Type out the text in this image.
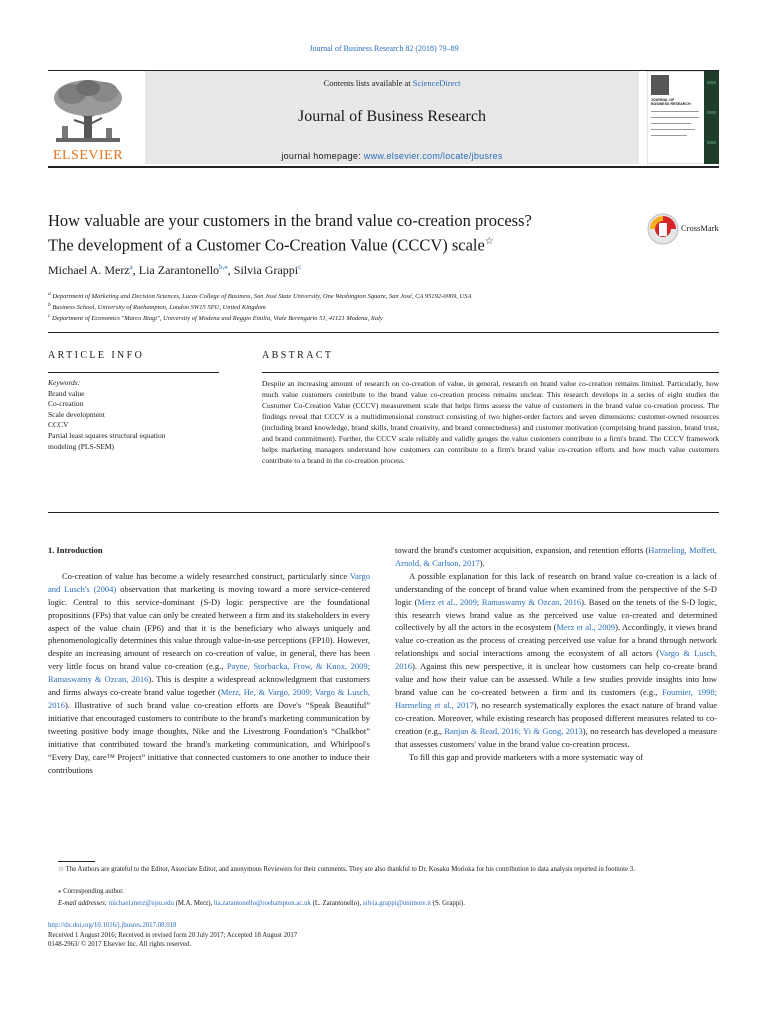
Journal of Business Research 82 (2018) 79–89
ELSEVIER
Contents lists available at ScienceDirect
Journal of Business Research
journal homepage: www.elsevier.com/locate/jbusres
JOURNAL OF BUSINESS RESEARCH
How valuable are your customers in the brand value co-creation process?
The development of a Customer Co-Creation Value (CCCV) scale☆
CrossMark
Michael A. Merz$^a$, Lia Zarantonello$^{b,⁎}$, Silvia Grappi$^c$
$^a$ Department of Marketing and Decision Sciences, Lucas College of Business, San José State University, One Washington Square, San José, CA 95192-0069, USA
$^b$ Business School, University of Roehampton, London SW15 5PU, United Kingdom
$^c$ Department of Economics "Marco Biagi", University of Modena and Reggio Emilia, Viale Berengario 51, 41121 Modena, Italy
ARTICLE INFO	ABSTRACT
Keywords:
Brand value
Co-creation
Scale development
CCCV
Partial least squares structural equation
modeling (PLS-SEM)
Despite an increasing amount of research on co-creation of value, in general, research on brand value co-creation remains limited. Particularly, how much value customers contribute to the brand value co-creation process remains unclear. This research develops in a series of eight studies the Customer Co-Creation Value (CCCV) measurement scale that helps firms assess the value of customers in the brand value co-creation process. The findings reveal that CCCV is a multidimensional construct consisting of two higher-order factors and seven dimensions: customer-owned resources (including brand knowledge, brand skills, brand creativity, and brand connectedness) and customer motivation (comprising brand passion, brand trust, and brand commitment). Further, the CCCV scale reliably and validly gauges the value customers contribute to a firm's brand. The CCCV framework helps marketing managers understand how customers can contribute to a firm's brand value co-creation efforts and how much value customers contribute to a brand in the co-creation process.

1. Introduction

Co-creation of value has become a widely researched construct, particularly since Vargo and Lusch's (2004) observation that marketing is moving toward a more service-centered logic. Central to this service-dominant (S-D) logic perspective are the foundational propositions (FPs) that value can only be created between a firm and its stakeholders in every aspect of the value chain (FP6) and that it is the beneficiary who always uniquely and phenomenologically determines this value through value-in-use perceptions (FP10). However, despite an increasing amount of research on co-creation of value, in general, there has been very little focus on brand value co-creation (e.g., Payne, Storbacka, Frow, & Knox, 2009; Ramaswamy & Ozcan, 2016). This is despite a widespread acknowledgment that customers and firms always co-create brand value together (Merz, He, & Vargo, 2009; Vargo & Lusch, 2016). Illustrative of such brand value co-creation efforts are Dove's “Speak Beautiful” initiative that encouraged customers to contribute to the brand's marketing communication by tweeting positive body image thoughts, Nike and the Livestrong Foundation's “Chalkbot” initiative that contributed toward the brand's marketing communication, and Whirlpool's “Every Day, care™ Project” initiative that connected customers to one another to induce their contributions

toward the brand's customer acquisition, expansion, and retention efforts (Harmeling, Moffett, Arnold, & Carlson, 2017).

A possible explanation for this lack of research on brand value co-creation is a lack of understanding of the concept of brand value when examined from the perspective of the S-D logic (Merz et al., 2009; Ramaswamy & Ozcan, 2016). Based on the tenets of the S-D logic, this research views brand value as the perceived use value co-created and determined collectively by all the actors in the ecosystem (Merz et al., 2009). Accordingly, it views brand value co-creation as the process of creating perceived use value for a brand through network relationships and social interactions among the ecosystem of all actors (Vargo & Lusch, 2016). Against this new perspective, it is unclear how customers can help co-create brand value and how their value can be assessed. While a few studies provide insights into how brand value can be co-created between a firm and its customers (e.g., Fournier, 1998; Harmeling et al., 2017), no research systematically explores the exact nature of brand value co-creation. Moreover, while existing research has proposed different measures related to co-creation (e.g., Ranjan & Read, 2016; Yi & Gong, 2013), no research has developed a measure that assesses customers' value in the brand value co-creation process.

To fill this gap and provide marketers with a more systematic way of

☆ The Authors are grateful to the Editor, Associate Editor, and anonymous Reviewers for their comments. They are also thankful to Dr. Kosaku Morioka for his contribution to data analysis reported in footnote 3.
⁎ Corresponding author.
E-mail addresses: michael.merz@sjsu.edu (M.A. Merz), lia.zarantonello@roehampton.ac.uk (L. Zarantonello), silvia.grappi@unimore.it (S. Grappi).
http://dx.doi.org/10.1016/j.jbusres.2017.08.018
Received 1 August 2016; Received in revised form 20 July 2017; Accepted 18 August 2017
0148-2963/ © 2017 Elsevier Inc. All rights reserved.
